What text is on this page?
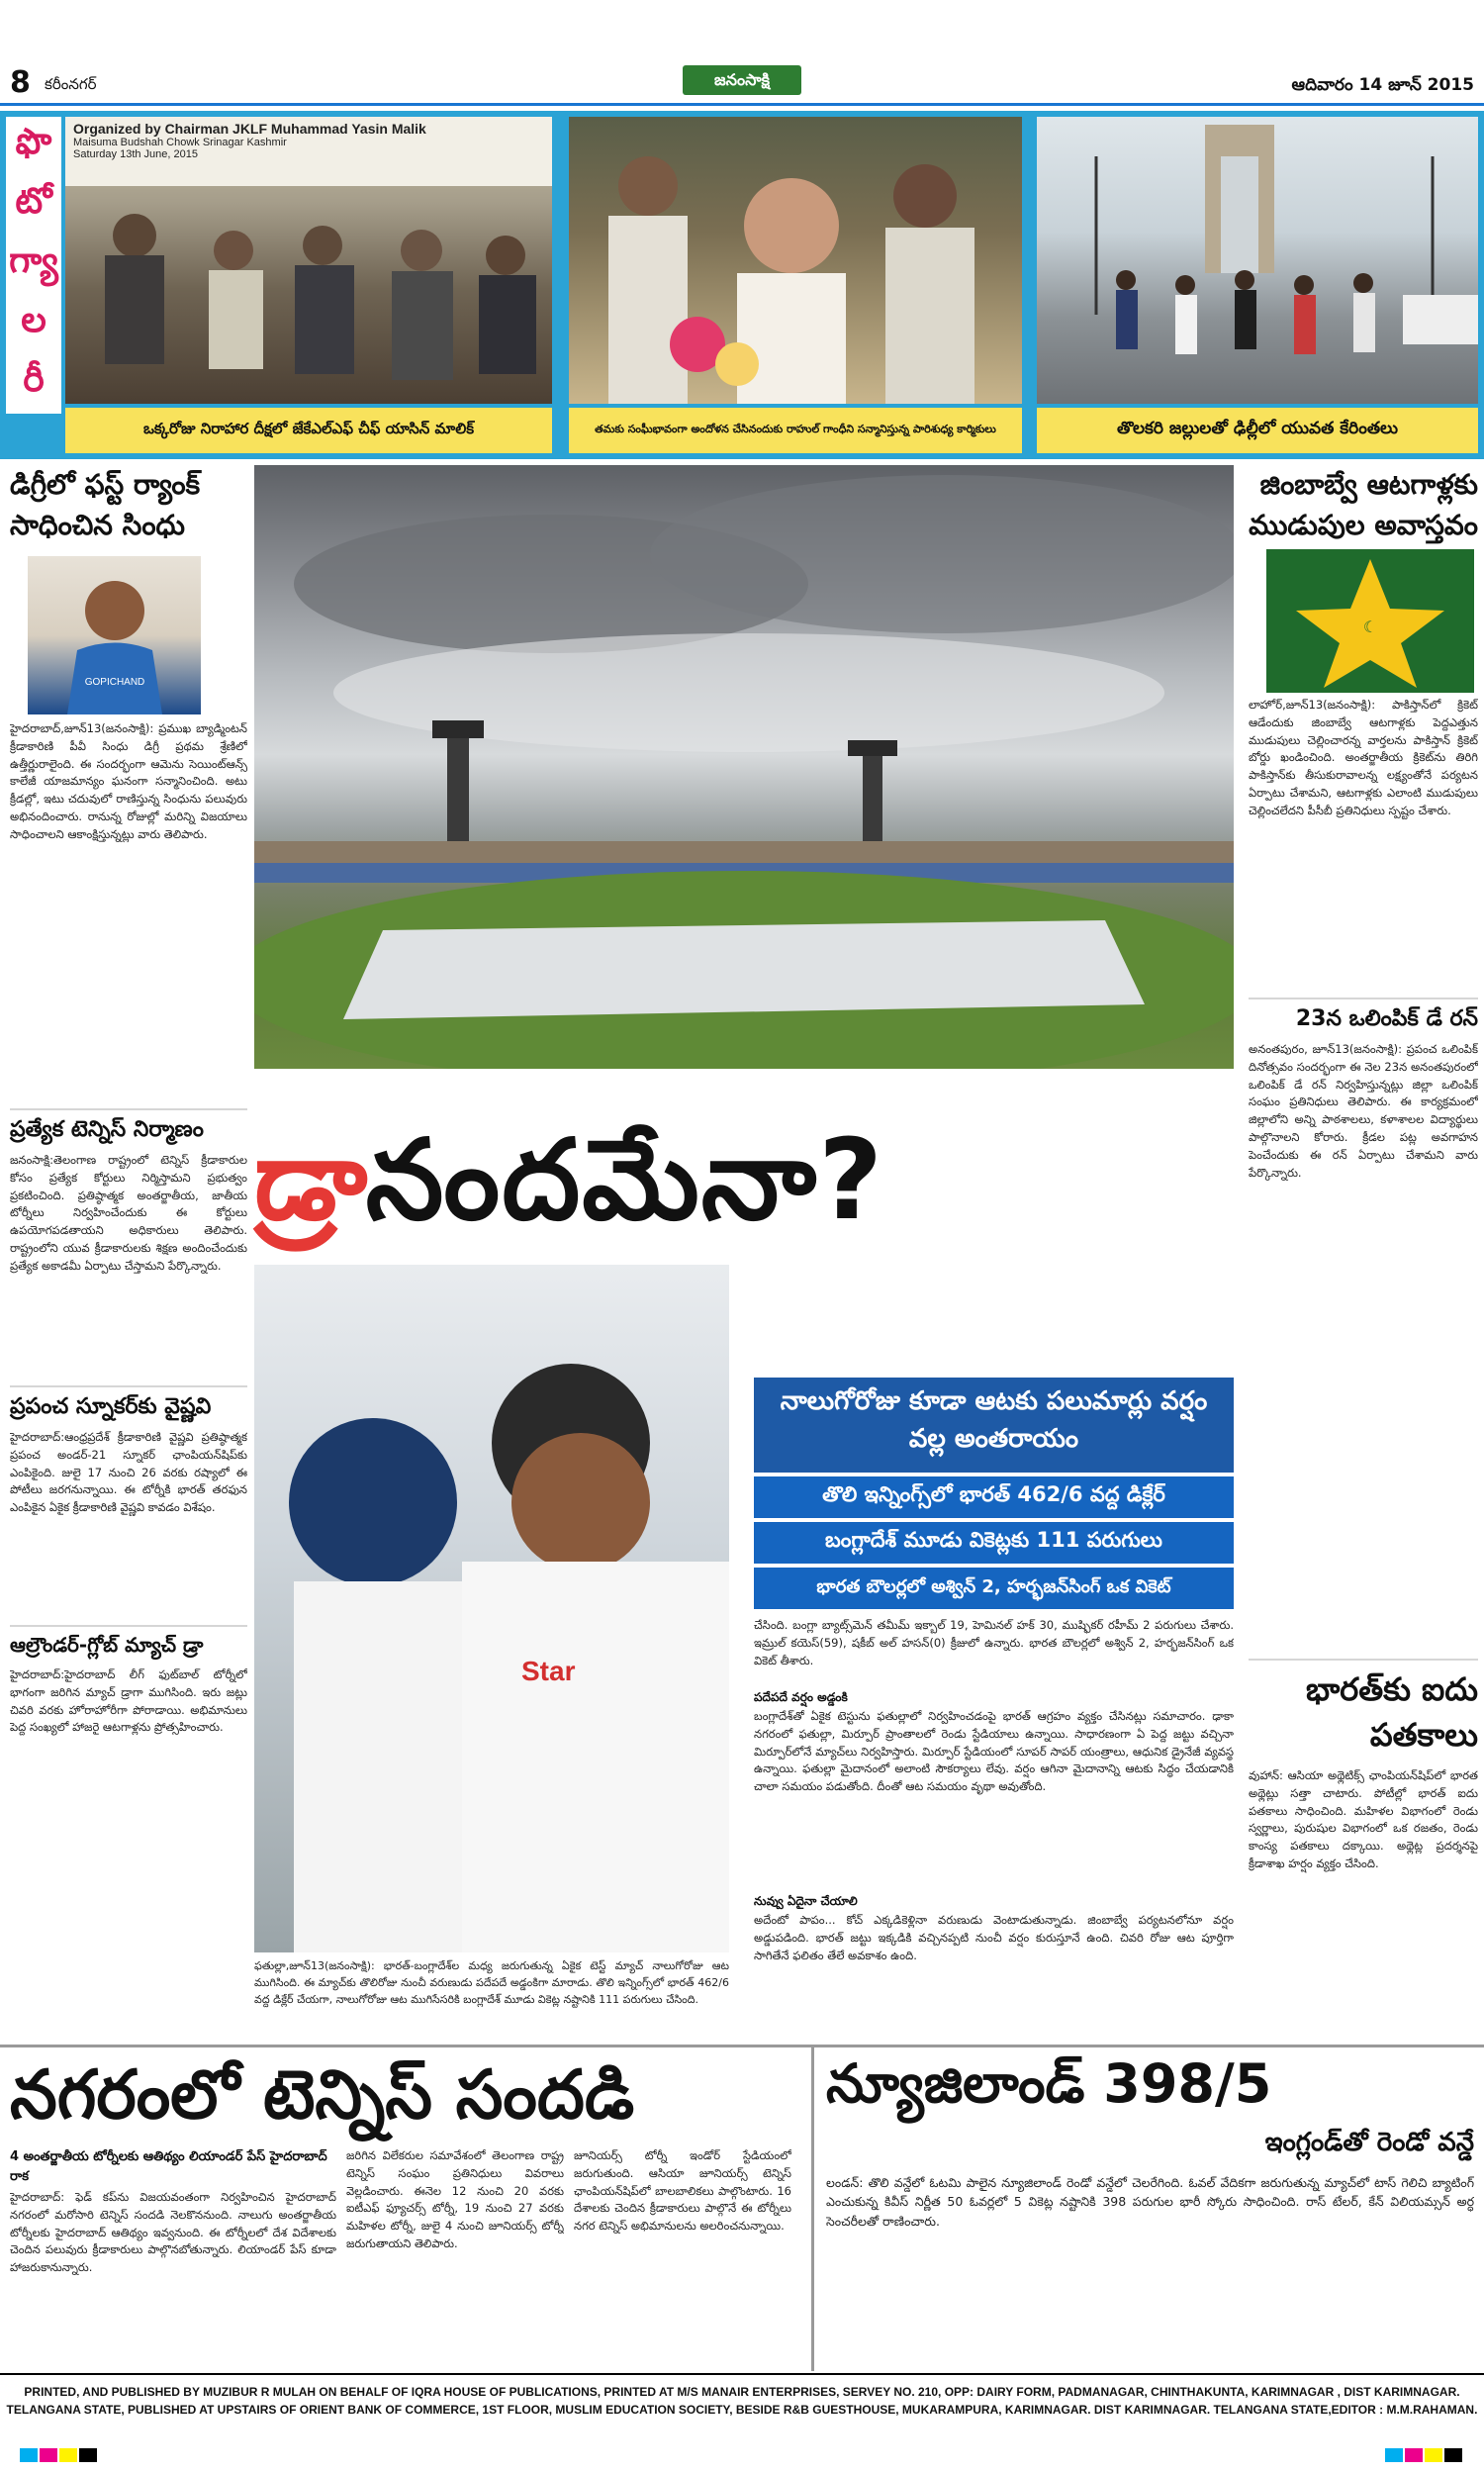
8 కరీంనగర్	జనంసాక్షి	ఆదివారం 14 జూన్ 2015
ఫొ
టో
గ్యా
ల
రీ
Organized by Chairman JKLF Muhammad Yasin Malik
Maisuma Budshah Chowk Srinagar Kashmir
Saturday 13th June, 2015
ఒక్కరోజు నిరాహార దీక్షలో జేకేఎల్ఎఫ్ చీఫ్ యాసిన్ మాలిక్	తమకు సంఘీభావంగా అందోళన చేసినందుకు రాహుల్ గాంధీని సన్మానిస్తున్న పారిశుధ్య కార్మికులు	తొలకరి జల్లులతో ఢిల్లీలో యువత కేరింతలు
డిగ్రీలో ఫస్ట్ ర్యాంక్ సాధించిన సింధు
GOPICHAND
హైదరాబాద్,జూన్13(జనంసాక్షి): ప్రముఖ బ్యాడ్మింటన్ క్రీడాకారిణి పీవీ సింధు డిగ్రీ ప్రథమ శ్రేణిలో ఉత్తీర్ణురాలైంది. ఈ సందర్భంగా ఆమెను సెయింట్ఆన్స్ కాలేజీ యాజమాన్యం ఘనంగా సన్మానించింది. అటు క్రీడల్లో, ఇటు చదువులో రాణిస్తున్న సింధును పలువురు అభినందించారు. రానున్న రోజుల్లో మరిన్ని విజయాలు సాధించాలని ఆకాంక్షిస్తున్నట్లు వారు తెలిపారు.
ప్రత్యేక టెన్నిస్ నిర్మాణం
జనంసాక్షి:తెలంగాణ రాష్ట్రంలో టెన్నిస్ క్రీడాకారుల కోసం ప్రత్యేక కోర్టులు నిర్మిస్తామని ప్రభుత్వం ప్రకటించింది. ప్రతిష్ఠాత్మక అంతర్జాతీయ, జాతీయ టోర్నీలు నిర్వహించేందుకు ఈ కోర్టులు ఉపయోగపడతాయని అధికారులు తెలిపారు. రాష్ట్రంలోని యువ క్రీడాకారులకు శిక్షణ అందించేందుకు ప్రత్యేక అకాడమీ ఏర్పాటు చేస్తామని పేర్కొన్నారు.
ప్రపంచ స్నూకర్‌కు వైష్ణవి
హైదరాబాద్:ఆంధ్రప్రదేశ్ క్రీడాకారిణి వైష్ణవి ప్రతిష్ఠాత్మక ప్రపంచ అండర్-21 స్నూకర్ ఛాంపియన్‌షిప్‌కు ఎంపికైంది. జులై 17 నుంచి 26 వరకు రష్యాలో ఈ పోటీలు జరగనున్నాయి. ఈ టోర్నీకి భారత్ తరఫున ఎంపికైన ఏకైక క్రీడాకారిణి వైష్ణవి కావడం విశేషం.
ఆల్రౌండర్-గ్లోబ్ మ్యాచ్ డ్రా
హైదరాబాద్:హైదరాబాద్ లీగ్ ఫుట్‌బాల్ టోర్నీలో భాగంగా జరిగిన మ్యాచ్ డ్రాగా ముగిసింది. ఇరు జట్లు చివరి వరకు హోరాహోరీగా పోరాడాయి. అభిమానులు పెద్ద సంఖ్యలో హాజరై ఆటగాళ్లను ప్రోత్సహించారు.
డ్రానందమేనా?
Star
ఫతుల్లా,జూన్13(జనంసాక్షి): భారత్-బంగ్లాదేశ్‌ల మధ్య జరుగుతున్న ఏకైక టెస్ట్ మ్యాచ్ నాలుగోరోజు ఆట ముగిసింది. ఈ మ్యాచ్‌కు తొలిరోజు నుంచీ వరుణుడు పదేపదే అడ్డంకిగా మారాడు. తొలి ఇన్నింగ్స్‌లో భారత్ 462/6 వద్ద డిక్లేర్ చేయగా, నాలుగోరోజు ఆట ముగిసేసరికి బంగ్లాదేశ్ మూడు వికెట్ల నష్టానికి 111 పరుగులు చేసింది.
నాలుగోరోజు కూడా ఆటకు పలుమార్లు వర్షం వల్ల అంతరాయం
తొలి ఇన్నింగ్స్‌లో భారత్ 462/6 వద్ద డిక్లేర్
బంగ్లాదేశ్ మూడు వికెట్లకు 111 పరుగులు
భారత బౌలర్లలో అశ్విన్ 2, హర్భజన్‌సింగ్ ఒక వికెట్
చేసింది. బంగ్లా బ్యాట్స్‌మెన్ తమీమ్ ఇక్బాల్ 19, హెమినల్ హక్ 30, ముష్ఫికర్ రహీమ్ 2 పరుగులు చేశారు. ఇమ్రుల్ కయెస్(59), షకీబ్ అల్ హసన్(0) క్రీజులో ఉన్నారు. భారత బౌలర్లలో అశ్విన్ 2, హర్భజన్‌సింగ్ ఒక వికెట్ తీశారు.
పదేపదే వర్షం అడ్డంకి
బంగ్లాదేశ్‌తో ఏకైక టెస్టును ఫతుల్లాలో నిర్వహించడంపై భారత్ ఆగ్రహం వ్యక్తం చేసినట్లు సమాచారం. ఢాకా నగరంలో ఫతుల్లా, మిర్పూర్ ప్రాంతాలలో రెండు స్టేడియాలు ఉన్నాయి. సాధారణంగా ఏ పెద్ద జట్టు వచ్చినా మిర్పూర్‌లోనే మ్యాచ్‌లు నిర్వహిస్తారు. మిర్పూర్ స్టేడియంలో సూపర్ సాపర్ యంత్రాలు, ఆధునిక డ్రైనేజీ వ్యవస్థ ఉన్నాయి. ఫతుల్లా మైదానంలో అలాంటి సౌకర్యాలు లేవు. వర్షం ఆగినా మైదానాన్ని ఆటకు సిద్ధం చేయడానికి చాలా సమయం పడుతోంది. దీంతో ఆట సమయం వృథా అవుతోంది.
నువ్వు ఏదైనా చేయాలి
అదేంటో పాపం... కోచ్‌ ఎక్కడికెళ్లినా వరుణుడు వెంటాడుతున్నాడు. జింబాబ్వే పర్యటనలోనూ వర్షం అడ్డుపడింది. భారత్ జట్టు ఇక్కడికి వచ్చినప్పటి నుంచీ వర్షం కురుస్తూనే ఉంది. చివరి రోజు ఆట పూర్తిగా సాగితేనే ఫలితం తేలే అవకాశం ఉంది.
జింబాబ్వే ఆటగాళ్లకు ముడుపుల అవాస్తవం
☾
లాహోర్,జూన్13(జనంసాక్షి): పాకిస్తాన్‌లో క్రికెట్ ఆడేందుకు జింబాబ్వే ఆటగాళ్లకు పెద్దఎత్తున ముడుపులు చెల్లించారన్న వార్తలను పాకిస్తాన్ క్రికెట్ బోర్డు ఖండించింది. అంతర్జాతీయ క్రికెట్‌ను తిరిగి పాకిస్తాన్‌కు తీసుకురావాలన్న లక్ష్యంతోనే పర్యటన ఏర్పాటు చేశామని, ఆటగాళ్లకు ఎలాంటి ముడుపులు చెల్లించలేదని పీసీబీ ప్రతినిధులు స్పష్టం చేశారు.
23న ఒలింపిక్ డే రన్
అనంతపురం, జూన్13(జనంసాక్షి): ప్రపంచ ఒలింపిక్ దినోత్సవం సందర్భంగా ఈ నెల 23న అనంతపురంలో ఒలింపిక్ డే రన్ నిర్వహిస్తున్నట్లు జిల్లా ఒలింపిక్ సంఘం ప్రతినిధులు తెలిపారు. ఈ కార్యక్రమంలో జిల్లాలోని అన్ని పాఠశాలలు, కళాశాలల విద్యార్థులు పాల్గొనాలని కోరారు. క్రీడల పట్ల అవగాహన పెంచేందుకు ఈ రన్ ఏర్పాటు చేశామని వారు పేర్కొన్నారు.
భారత్‌కు ఐదు పతకాలు
వుహాన్: ఆసియా అథ్లెటిక్స్ ఛాంపియన్‌షిప్‌లో భారత అథ్లెట్లు సత్తా చాటారు. పోటీల్లో భారత్ ఐదు పతకాలు సాధించింది. మహిళల విభాగంలో రెండు స్వర్ణాలు, పురుషుల విభాగంలో ఒక రజతం, రెండు కాంస్య పతకాలు దక్కాయి. అథ్లెట్ల ప్రదర్శనపై క్రీడాశాఖ హర్షం వ్యక్తం చేసింది.
నగరంలో టెన్నిస్ సందడి
4 అంతర్జాతీయ టోర్నీలకు ఆతిథ్యం లియాండర్ పేస్ హైదరాబాద్ రాక
హైదరాబాద్: ఫెడ్ కప్‌ను విజయవంతంగా నిర్వహించిన హైదరాబాద్ నగరంలో మరోసారి టెన్నిస్ సందడి నెలకొననుంది. నాలుగు అంతర్జాతీయ టోర్నీలకు హైదరాబాద్ ఆతిథ్యం ఇవ్వనుంది. ఈ టోర్నీలలో దేశ విదేశాలకు చెందిన పలువురు క్రీడాకారులు పాల్గొనబోతున్నారు. లియాండర్ పేస్ కూడా హాజరుకానున్నారు.
జరిగిన విలేకరుల సమావేశంలో తెలంగాణ రాష్ట్ర టెన్నిస్ సంఘం ప్రతినిధులు వివరాలు వెల్లడించారు. ఈనెల 12 నుంచి 20 వరకు ఐటీఎఫ్ ఫ్యూచర్స్ టోర్నీ, 19 నుంచి 27 వరకు మహిళల టోర్నీ, జులై 4 నుంచి జూనియర్స్ టోర్నీ జరుగుతాయని తెలిపారు.
జూనియర్స్ టోర్నీ ఇండోర్ స్టేడియంలో జరుగుతుంది. ఆసియా జూనియర్స్ టెన్నిస్ ఛాంపియన్‌షిప్‌లో బాలబాలికలు పాల్గొంటారు. 16 దేశాలకు చెందిన క్రీడాకారులు పాల్గొనే ఈ టోర్నీలు నగర టెన్నిస్ అభిమానులను అలరించనున్నాయి.
న్యూజిలాండ్ 398/5
ఇంగ్లండ్‌తో రెండో వన్డే
లండన్: తొలి వన్డేలో ఓటమి పాలైన న్యూజిలాండ్ రెండో వన్డేలో చెలరేగింది. ఓవల్ వేదికగా జరుగుతున్న మ్యాచ్‌లో టాస్ గెలిచి బ్యాటింగ్ ఎంచుకున్న కివీస్ నిర్ణీత 50 ఓవర్లలో 5 వికెట్ల నష్టానికి 398 పరుగుల భారీ స్కోరు సాధించింది. రాస్ టేలర్, కేన్ విలియమ్సన్ అర్ధ సెంచరీలతో రాణించారు.
PRINTED, AND PUBLISHED BY MUZIBUR R MULAH ON BEHALF OF IQRA HOUSE OF PUBLICATIONS, PRINTED AT M/S MANAIR ENTERPRISES, SERVEY NO. 210, OPP: DAIRY FORM, PADMANAGAR, CHINTHAKUNTA, KARIMNAGAR , DIST KARIMNAGAR.
TELANGANA STATE, PUBLISHED AT UPSTAIRS OF ORIENT BANK OF COMMERCE, 1ST FLOOR, MUSLIM EDUCATION SOCIETY, BESIDE R&B GUESTHOUSE, MUKARAMPURA, KARIMNAGAR. DIST KARIMNAGAR. TELANGANA STATE,EDITOR : M.M.RAHAMAN.
